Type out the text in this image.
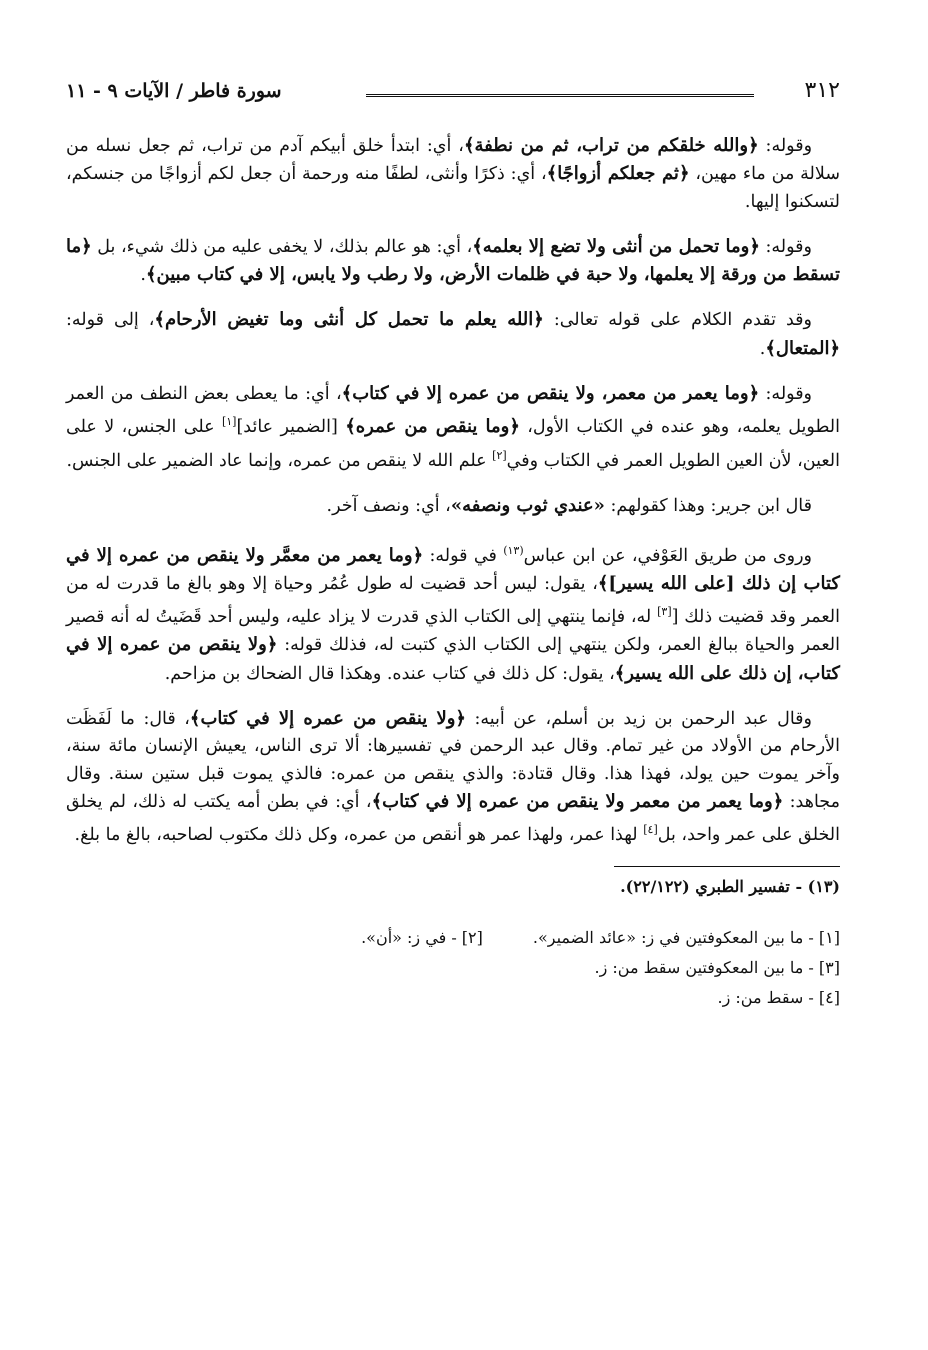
٣١٢
سورة فاطر / الآيات ٩ - ١١

وقوله: ﴿والله خلقكم من تراب، ثم من نطفة﴾، أي: ابتدأ خلق أبيكم آدم من تراب، ثم جعل نسله من سلالة من ماء مهين، ﴿ثم جعلكم أزواجًا﴾، أي: ذكرًا وأنثى، لطفًا منه ورحمة أن جعل لكم أزواجًا من جنسكم، لتسكنوا إليها.

وقوله: ﴿وما تحمل من أنثى ولا تضع إلا بعلمه﴾، أي: هو عالم بذلك، لا يخفى عليه من ذلك شيء، بل ﴿ما تسقط من ورقة إلا يعلمها، ولا حبة في ظلمات الأرض، ولا رطب ولا يابس، إلا في كتاب مبين﴾.

وقد تقدم الكلام على قوله تعالى: ﴿الله يعلم ما تحمل كل أنثى وما تغيض الأرحام﴾، إلى قوله: ﴿المتعال﴾.

وقوله: ﴿وما يعمر من معمر، ولا ينقص من عمره إلا في كتاب﴾، أي: ما يعطى بعض النطف من العمر الطويل يعلمه، وهو عنده في الكتاب الأول، ﴿وما ينقص من عمره﴾ [الضمير عائد][١] على الجنس، لا على العين، لأن العين الطويل العمر في الكتاب وفي[٢] علم الله لا ينقص من عمره، وإنما عاد الضمير على الجنس.

قال ابن جرير: وهذا كقولهم: «عندي ثوب ونصفه»، أي: ونصف آخر.

وروى من طريق العَوْفي، عن ابن عباس$^{(١٣)}$ في قوله: ﴿وما يعمر من معمَّر ولا ينقص من عمره إلا في كتاب إن ذلك [على الله يسير]﴾، يقول: ليس أحد قضيت له طول عُمُر وحياة إلا وهو بالغ ما قدرت له من العمر وقد قضيت ذلك [[٣] له، فإنما ينتهي إلى الكتاب الذي قدرت لا يزاد عليه، وليس أحد قَضَيتُ له أنه قصير العمر والحياة ببالغ العمر، ولكن ينتهي إلى الكتاب الذي كتبت له، فذلك قوله: ﴿ولا ينقص من عمره إلا في كتاب، إن ذلك على الله يسير﴾، يقول: كل ذلك في كتاب عنده. وهكذا قال الضحاك بن مزاحم.

وقال عبد الرحمن بن زيد بن أسلم، عن أبيه: ﴿ولا ينقص من عمره إلا في كتاب﴾، قال: ما لَفَظَت الأرحام من الأولاد من غير تمام. وقال عبد الرحمن في تفسيرها: ألا ترى الناس، يعيش الإنسان مائة سنة، وآخر يموت حين يولد، فهذا هذا. وقال قتادة: والذي ينقص من عمره: فالذي يموت قبل ستين سنة. وقال مجاهد: ﴿وما يعمر من معمر ولا ينقص من عمره إلا في كتاب﴾، أي: في بطن أمه يكتب له ذلك، لم يخلق الخلق على عمر واحد، بل[٤] لهذا عمر، ولهذا عمر هو أنقص من عمره، وكل ذلك مكتوب لصاحبه، بالغ ما بلغ.

(١٣) - تفسير الطبري (٢٢/١٢٢).

[١] - ما بين المعكوفتين في ز: «عائد الضمير».
[٢] - في ز: «أن».
[٣] - ما بين المعكوفتين سقط من: ز.
[٤] - سقط من: ز.
